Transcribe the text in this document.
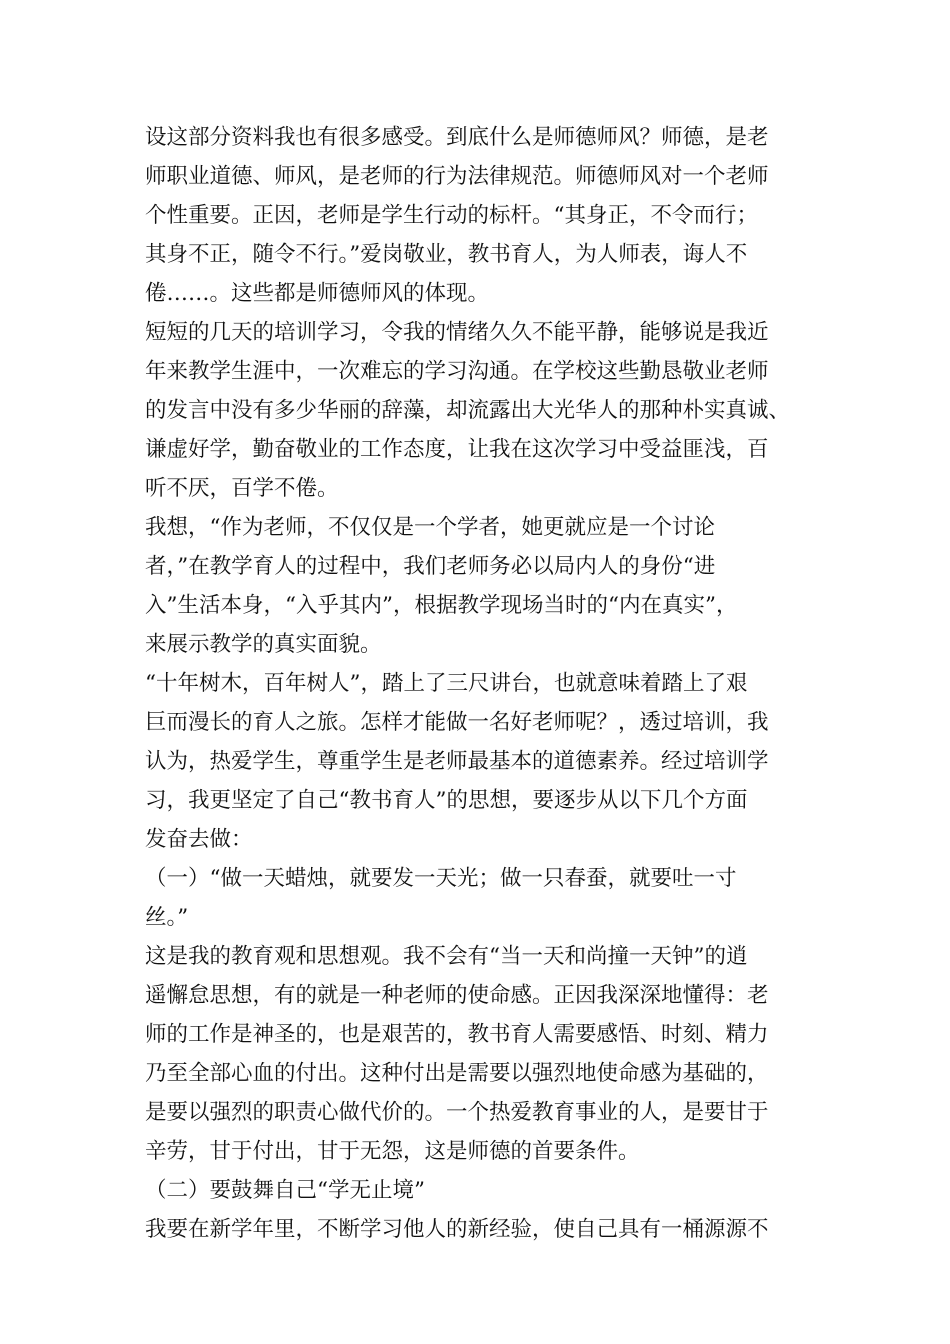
设这部分资料我也有很多感受。到底什么是师德师风？师德，是老
师职业道德、师风，是老师的行为法律规范。师德师风对一个老师
个性重要。正因，老师是学生行动的标杆。“其身正，不令而行；
其身不正，随令不行。”爱岗敬业，教书育人，为人师表，诲人不
倦……。这些都是师德师风的体现。
短短的几天的培训学习，令我的情绪久久不能平静，能够说是我近
年来教学生涯中，一次难忘的学习沟通。在学校这些勤恳敬业老师
的发言中没有多少华丽的辞藻，却流露出大光华人的那种朴实真诚、
谦虚好学，勤奋敬业的工作态度，让我在这次学习中受益匪浅，百
听不厌，百学不倦。
我想，“作为老师，不仅仅是一个学者，她更就应是一个讨论
者，”在教学育人的过程中，我们老师务必以局内人的身份“进
入”生活本身，“入乎其内”，根据教学现场当时的“内在真实”，
来展示教学的真实面貌。
“十年树木，百年树人”，踏上了三尺讲台，也就意味着踏上了艰
巨而漫长的育人之旅。怎样才能做一名好老师呢？，透过培训，我
认为，热爱学生，尊重学生是老师最基本的道德素养。经过培训学
习，我更坚定了自己“教书育人”的思想，要逐步从以下几个方面
发奋去做：
（一）“做一天蜡烛，就要发一天光；做一只春蚕，就要吐一寸
丝。”
这是我的教育观和思想观。我不会有“当一天和尚撞一天钟”的逍
遥懈怠思想，有的就是一种老师的使命感。正因我深深地懂得：老
师的工作是神圣的，也是艰苦的，教书育人需要感悟、时刻、精力
乃至全部心血的付出。这种付出是需要以强烈地使命感为基础的，
是要以强烈的职责心做代价的。一个热爱教育事业的人，是要甘于
辛劳，甘于付出，甘于无怨，这是师德的首要条件。
（二）要鼓舞自己“学无止境”
我要在新学年里，不断学习他人的新经验，使自己具有一桶源源不
